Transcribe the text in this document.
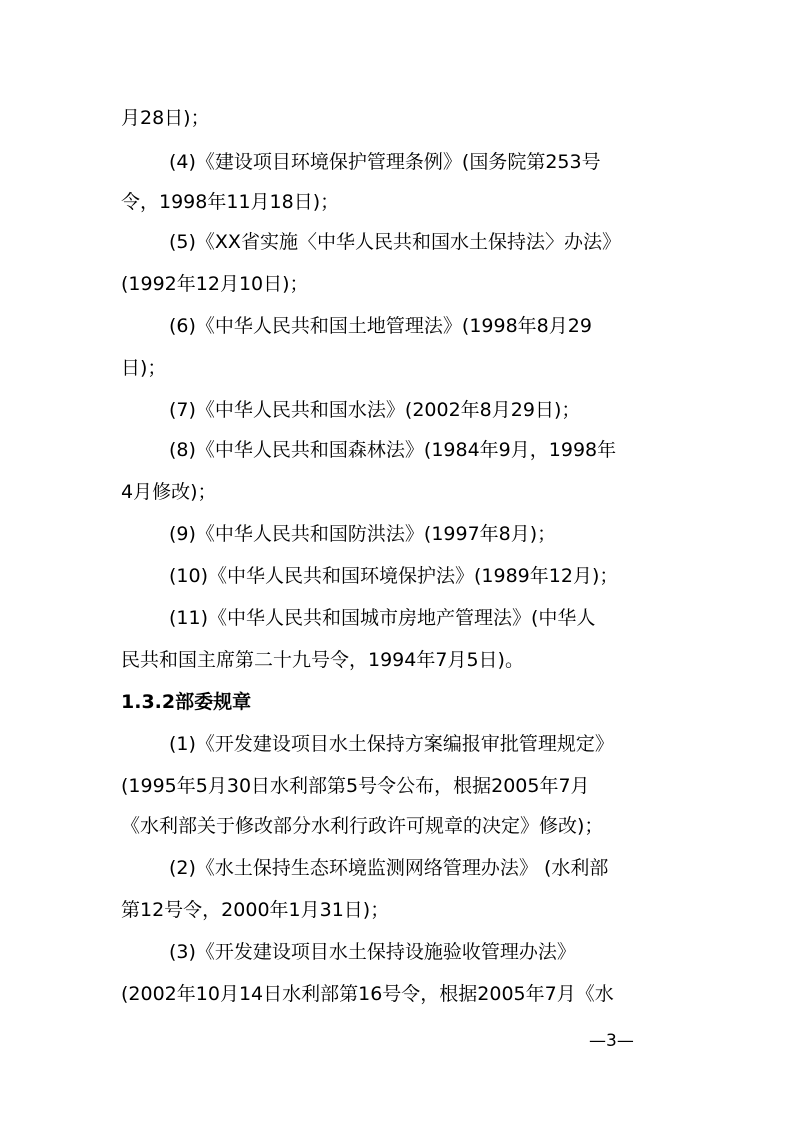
月28日)；
(4)《建设项目环境保护管理条例》(国务院第253号
令，1998年11月18日)；
(5)《XX省实施〈中华人民共和国水土保持法〉办法》
(1992年12月10日)；
(6)《中华人民共和国土地管理法》(1998年8月29
日)；
(7)《中华人民共和国水法》(2002年8月29日)；
(8)《中华人民共和国森林法》(1984年9月，1998年
4月修改)；
(9)《中华人民共和国防洪法》(1997年8月)；
(10)《中华人民共和国环境保护法》(1989年12月)；
(11)《中华人民共和国城市房地产管理法》(中华人
民共和国主席第二十九号令，1994年7月5日)。
1.3.2部委规章
(1)《开发建设项目水土保持方案编报审批管理规定》
(1995年5月30日水利部第5号令公布，根据2005年7月
《水利部关于修改部分水利行政许可规章的决定》修改)；
(2)《水土保持生态环境监测网络管理办法》 (水利部
第12号令，2000年1月31日)；
(3)《开发建设项目水土保持设施验收管理办法》
(2002年10月14日水利部第16号令，根据2005年7月《水
—3—
